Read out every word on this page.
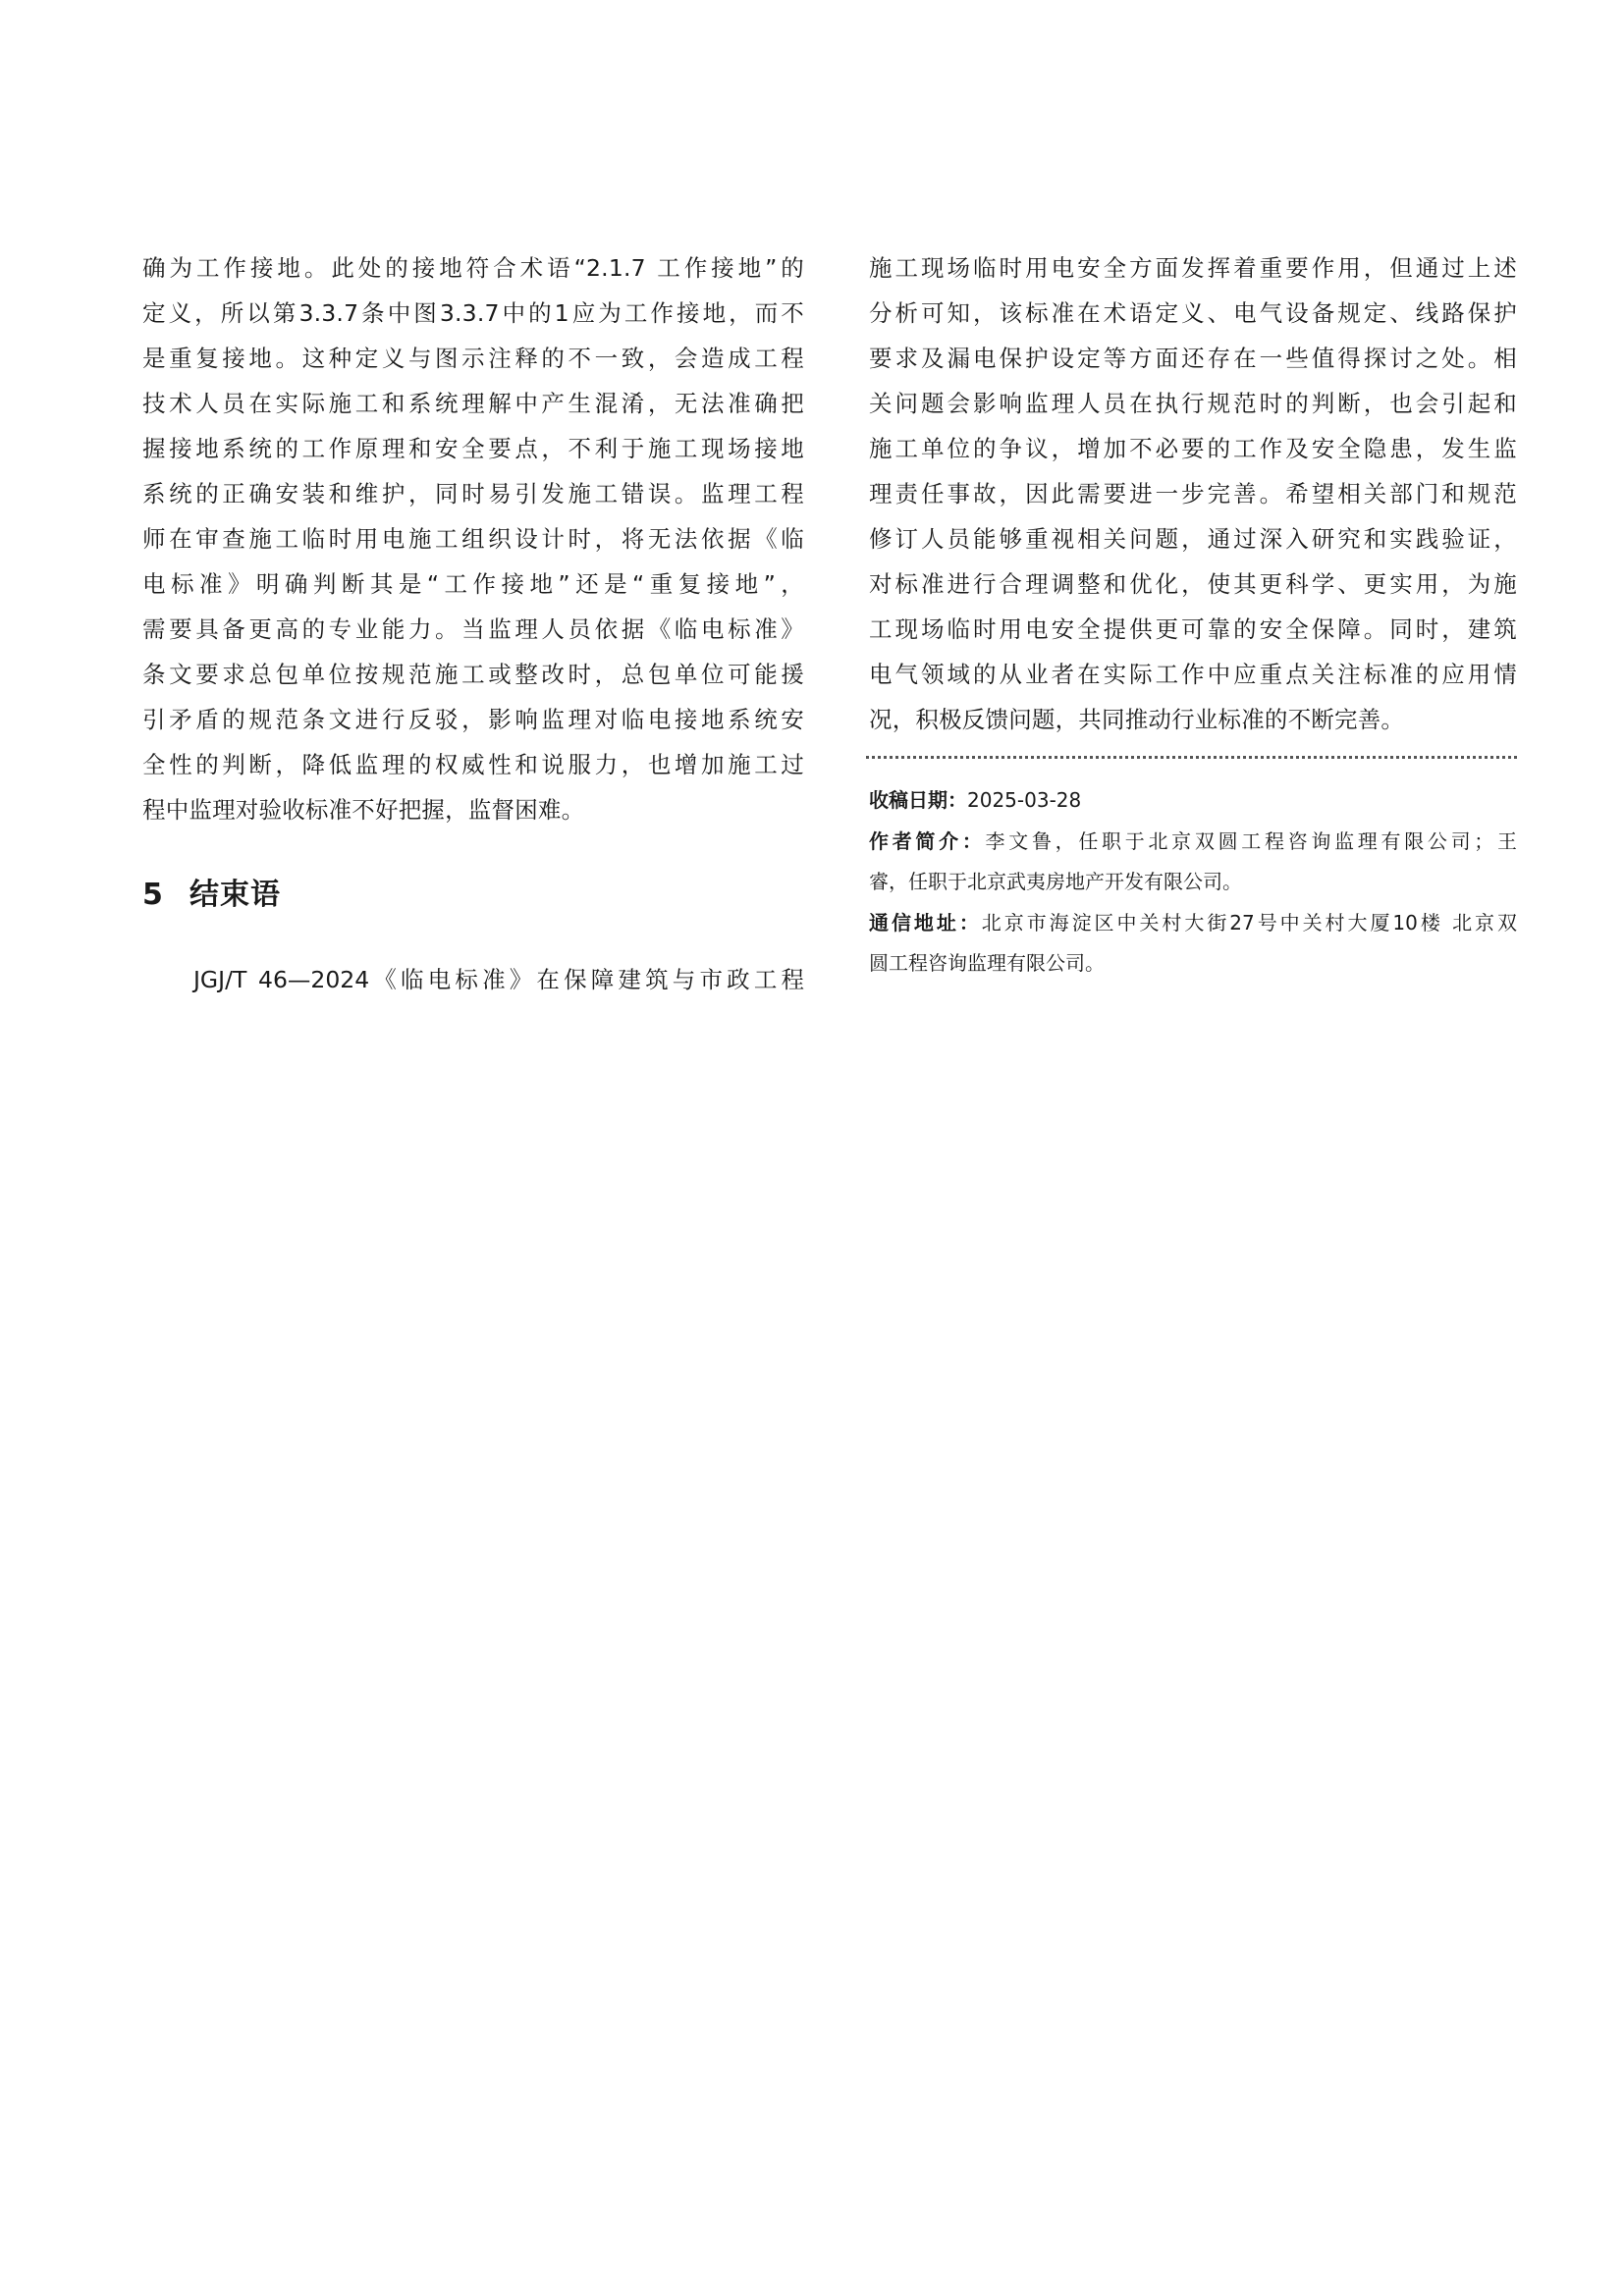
确为工作接地。此处的接地符合术语“2.1.7 工作接地”的
定义，所以第3.3.7条中图3.3.7中的1应为工作接地，而不
是重复接地。这种定义与图示注释的不一致，会造成工程
技术人员在实际施工和系统理解中产生混淆，无法准确把
握接地系统的工作原理和安全要点，不利于施工现场接地
系统的正确安装和维护，同时易引发施工错误。监理工程
师在审查施工临时用电施工组织设计时，将无法依据《临
电标准》明确判断其是“工作接地”还是“重复接地”，
需要具备更高的专业能力。当监理人员依据《临电标准》
条文要求总包单位按规范施工或整改时，总包单位可能援
引矛盾的规范条文进行反驳，影响监理对临电接地系统安
全性的判断，降低监理的权威性和说服力，也增加施工过
程中监理对验收标准不好把握，监督困难。

5 结束语

JGJ/T 46—2024《临电标准》在保障建筑与市政工程

施工现场临时用电安全方面发挥着重要作用，但通过上述
分析可知，该标准在术语定义、电气设备规定、线路保护
要求及漏电保护设定等方面还存在一些值得探讨之处。相
关问题会影响监理人员在执行规范时的判断，也会引起和
施工单位的争议，增加不必要的工作及安全隐患，发生监
理责任事故，因此需要进一步完善。希望相关部门和规范
修订人员能够重视相关问题，通过深入研究和实践验证，
对标准进行合理调整和优化，使其更科学、更实用，为施
工现场临时用电安全提供更可靠的安全保障。同时，建筑
电气领域的从业者在实际工作中应重点关注标准的应用情
况，积极反馈问题，共同推动行业标准的不断完善。

收稿日期：2025-03-28

作者简介：李文鲁，任职于北京双圆工程咨询监理有限公司；王
睿，任职于北京武夷房地产开发有限公司。

通信地址：北京市海淀区中关村大街27号中关村大厦10楼 北京双
圆工程咨询监理有限公司。
